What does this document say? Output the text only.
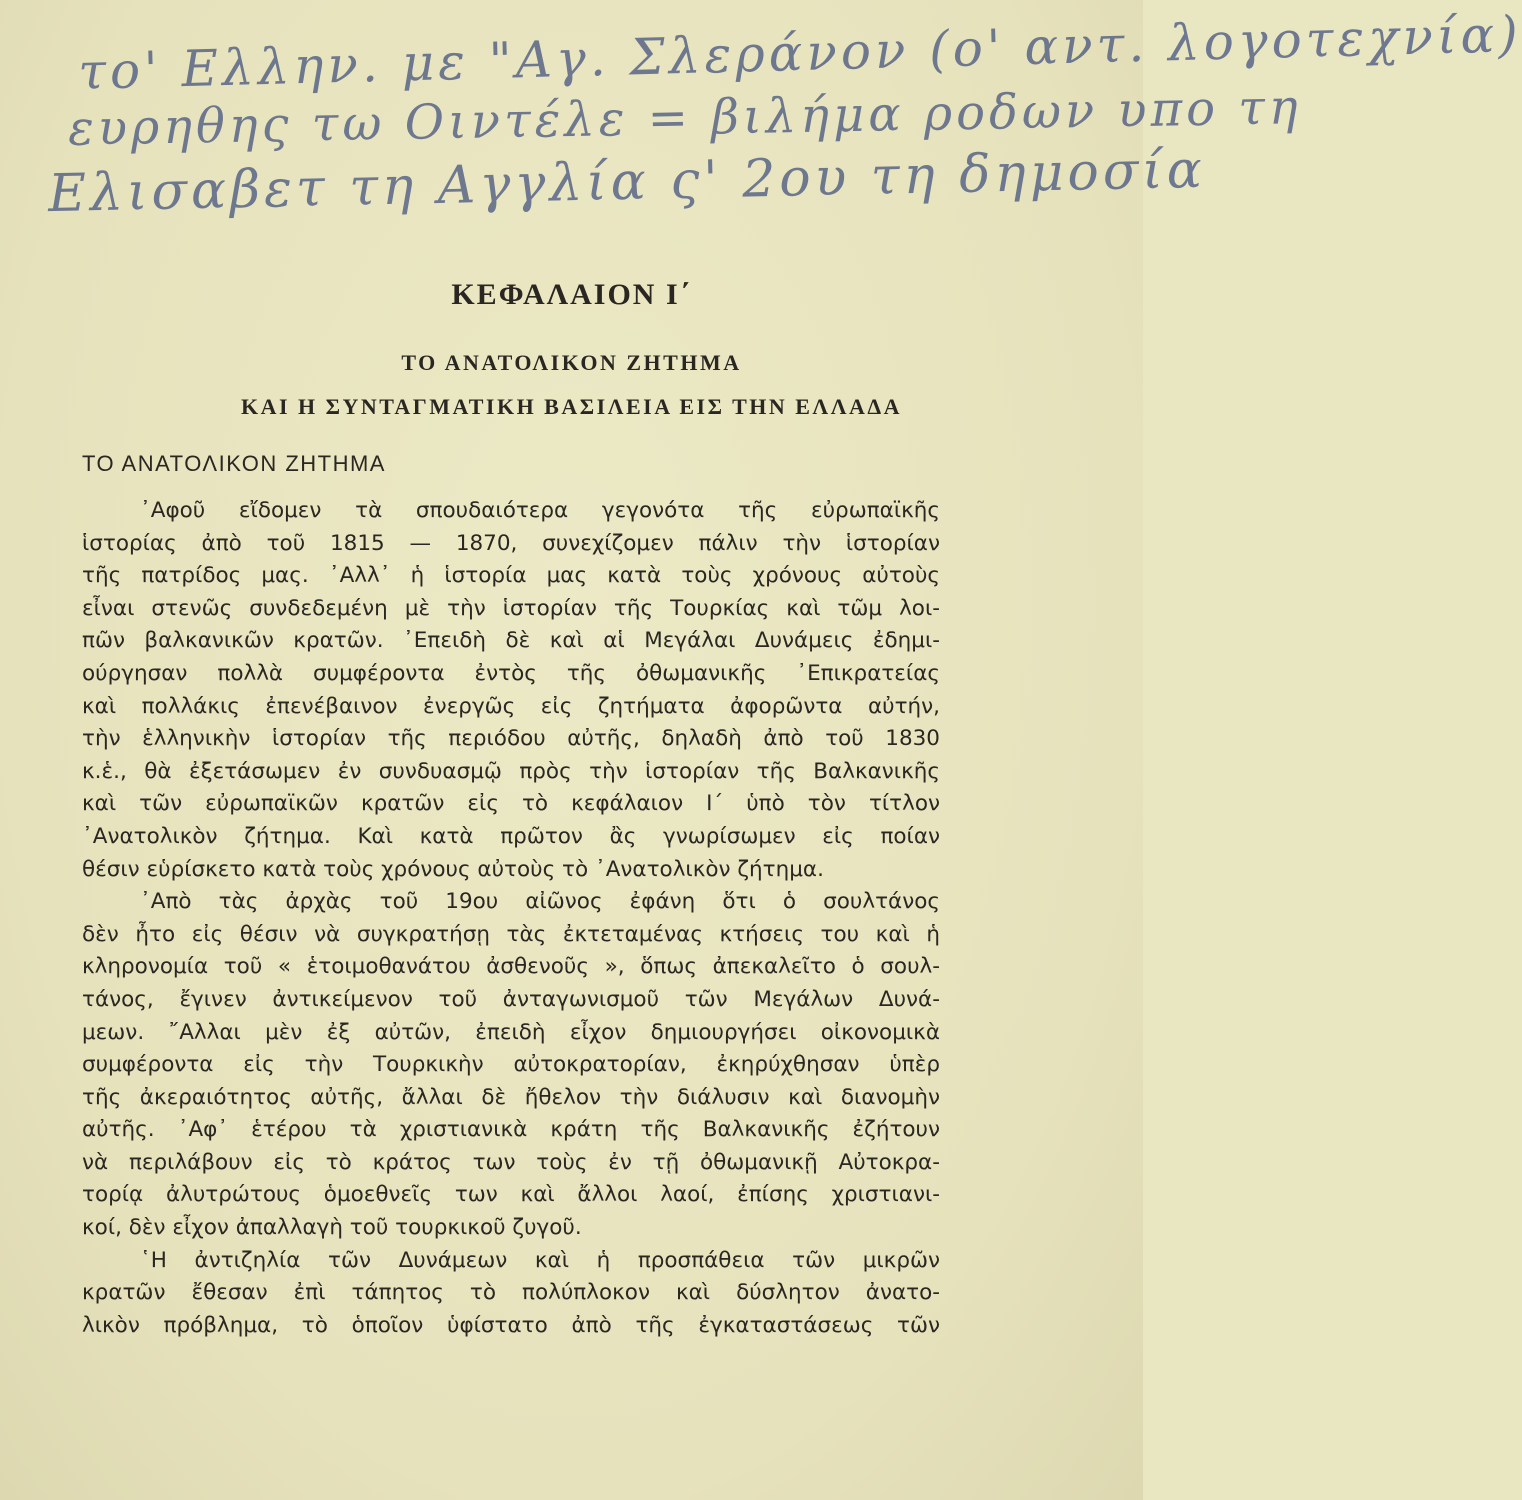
το' Ελλην. με "Αγ. Σλεράνον (ο' αντ. λογοτεχνία)
ευρηθης τω Οιντέλε = βιλήμα ροδων υπο τη
Ελισαβετ τη Αγγλία ς' 2ου τη δημοσία
ΚΕΦΑΛΑΙΟΝ Ι΄
ΤΟ ΑΝΑΤΟΛΙΚΟΝ ΖΗΤΗΜΑ
ΚΑΙ Η ΣΥΝΤΑΓΜΑΤΙΚΗ ΒΑΣΙΛΕΙΑ ΕΙΣ ΤΗΝ ΕΛΛΑΔΑ
ΤΟ ΑΝΑΤΟΛΙΚΟΝ ΖΗΤΗΜΑ
᾿Αφοῦ εἴδομεν τὰ σπουδαιότερα γεγονότα τῆς εὐρωπαϊκῆς
ἱστορίας ἀπὸ τοῦ 1815 — 1870, συνεχίζομεν πάλιν τὴν ἱστορίαν
τῆς πατρίδος μας. ᾿Αλλ᾿ ἡ ἱστορία μας κατὰ τοὺς χρόνους αὐτοὺς
εἶναι στενῶς συνδεδεμένη μὲ τὴν ἱστορίαν τῆς Τουρκίας καὶ τῶμ λοι-
πῶν βαλκανικῶν κρατῶν. ᾿Επειδὴ δὲ καὶ αἱ Μεγάλαι Δυνάμεις ἐδημι-
ούργησαν πολλὰ συμφέροντα ἐντὸς τῆς ὀθωμανικῆς ᾿Επικρατείας
καὶ πολλάκις ἐπενέβαινον ἐνεργῶς εἰς ζητήματα ἀφορῶντα αὐτήν,
τὴν ἑλληνικὴν ἱστορίαν τῆς περιόδου αὐτῆς, δηλαδὴ ἀπὸ τοῦ 1830
κ.ἑ., θὰ ἐξετάσωμεν ἐν συνδυασμῷ πρὸς τὴν ἱστορίαν τῆς Βαλκανικῆς
καὶ τῶν εὐρωπαϊκῶν κρατῶν εἰς τὸ κεφάλαιον Ι΄ ὑπὸ τὸν τίτλον
᾿Ανατολικὸν ζήτημα. Καὶ κατὰ πρῶτον ἂς γνωρίσωμεν εἰς ποίαν
θέσιν εὑρίσκετο κατὰ τοὺς χρόνους αὐτοὺς τὸ ᾿Ανατολικὸν ζήτημα.
᾿Απὸ τὰς ἀρχὰς τοῦ 19ου αἰῶνος ἐφάνη ὅτι ὁ σουλτάνος
δὲν ἦτο εἰς θέσιν νὰ συγκρατήσῃ τὰς ἐκτεταμένας κτήσεις του καὶ ἡ
κληρονομία τοῦ « ἑτοιμοθανάτου ἀσθενοῦς », ὅπως ἀπεκαλεῖτο ὁ σουλ-
τάνος, ἔγινεν ἀντικείμενον τοῦ ἀνταγωνισμοῦ τῶν Μεγάλων Δυνά-
μεων. ῎Αλλαι μὲν ἐξ αὐτῶν, ἐπειδὴ εἶχον δημιουργήσει οἰκονομικὰ
συμφέροντα εἰς τὴν Τουρκικὴν αὐτοκρατορίαν, ἐκηρύχθησαν ὑπὲρ
τῆς ἀκεραιότητος αὐτῆς, ἄλλαι δὲ ἤθελον τὴν διάλυσιν καὶ διανομὴν
αὐτῆς. ᾿Αφ᾿ ἑτέρου τὰ χριστιανικὰ κράτη τῆς Βαλκανικῆς ἐζήτουν
νὰ περιλάβουν εἰς τὸ κράτος των τοὺς ἐν τῇ ὀθωμανικῇ Αὐτοκρα-
τορίᾳ ἀλυτρώτους ὁμοεθνεῖς των καὶ ἄλλοι λαοί, ἐπίσης χριστιανι-
κοί, δὲν εἶχον ἀπαλλαγὴ τοῦ τουρκικοῦ ζυγοῦ.
῾Η ἀντιζηλία τῶν Δυνάμεων καὶ ἡ προσπάθεια τῶν μικρῶν
κρατῶν ἔθεσαν ἐπὶ τάπητος τὸ πολύπλοκον καὶ δύσλητον ἀνατο-
λικὸν πρόβλημα, τὸ ὁποῖον ὑφίστατο ἀπὸ τῆς ἐγκαταστάσεως τῶν
